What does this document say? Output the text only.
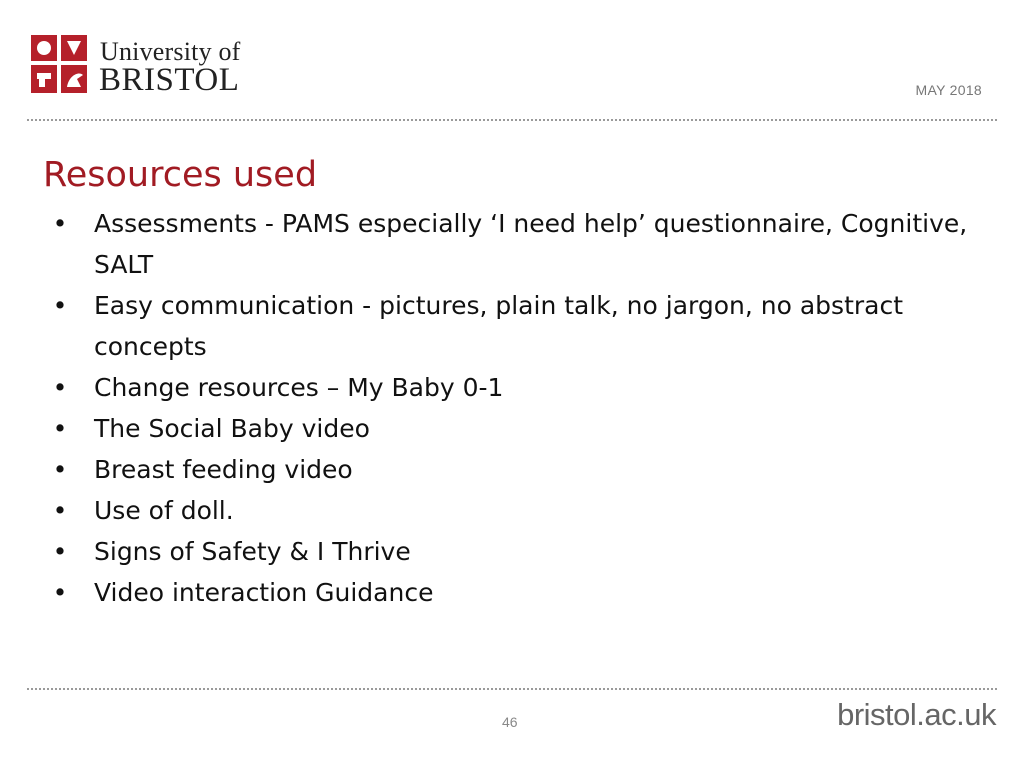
University of
BRISTOL	MAY 2018
Resources used
• Assessments - PAMS especially ‘I need help’ questionnaire, Cognitive, SALT
• Easy communication - pictures, plain talk, no jargon, no abstract concepts
• Change resources – My Baby 0-1
• The Social Baby video
• Breast feeding video
• Use of doll.
• Signs of Safety & I Thrive
• Video interaction Guidance
46	bristol.ac.uk
